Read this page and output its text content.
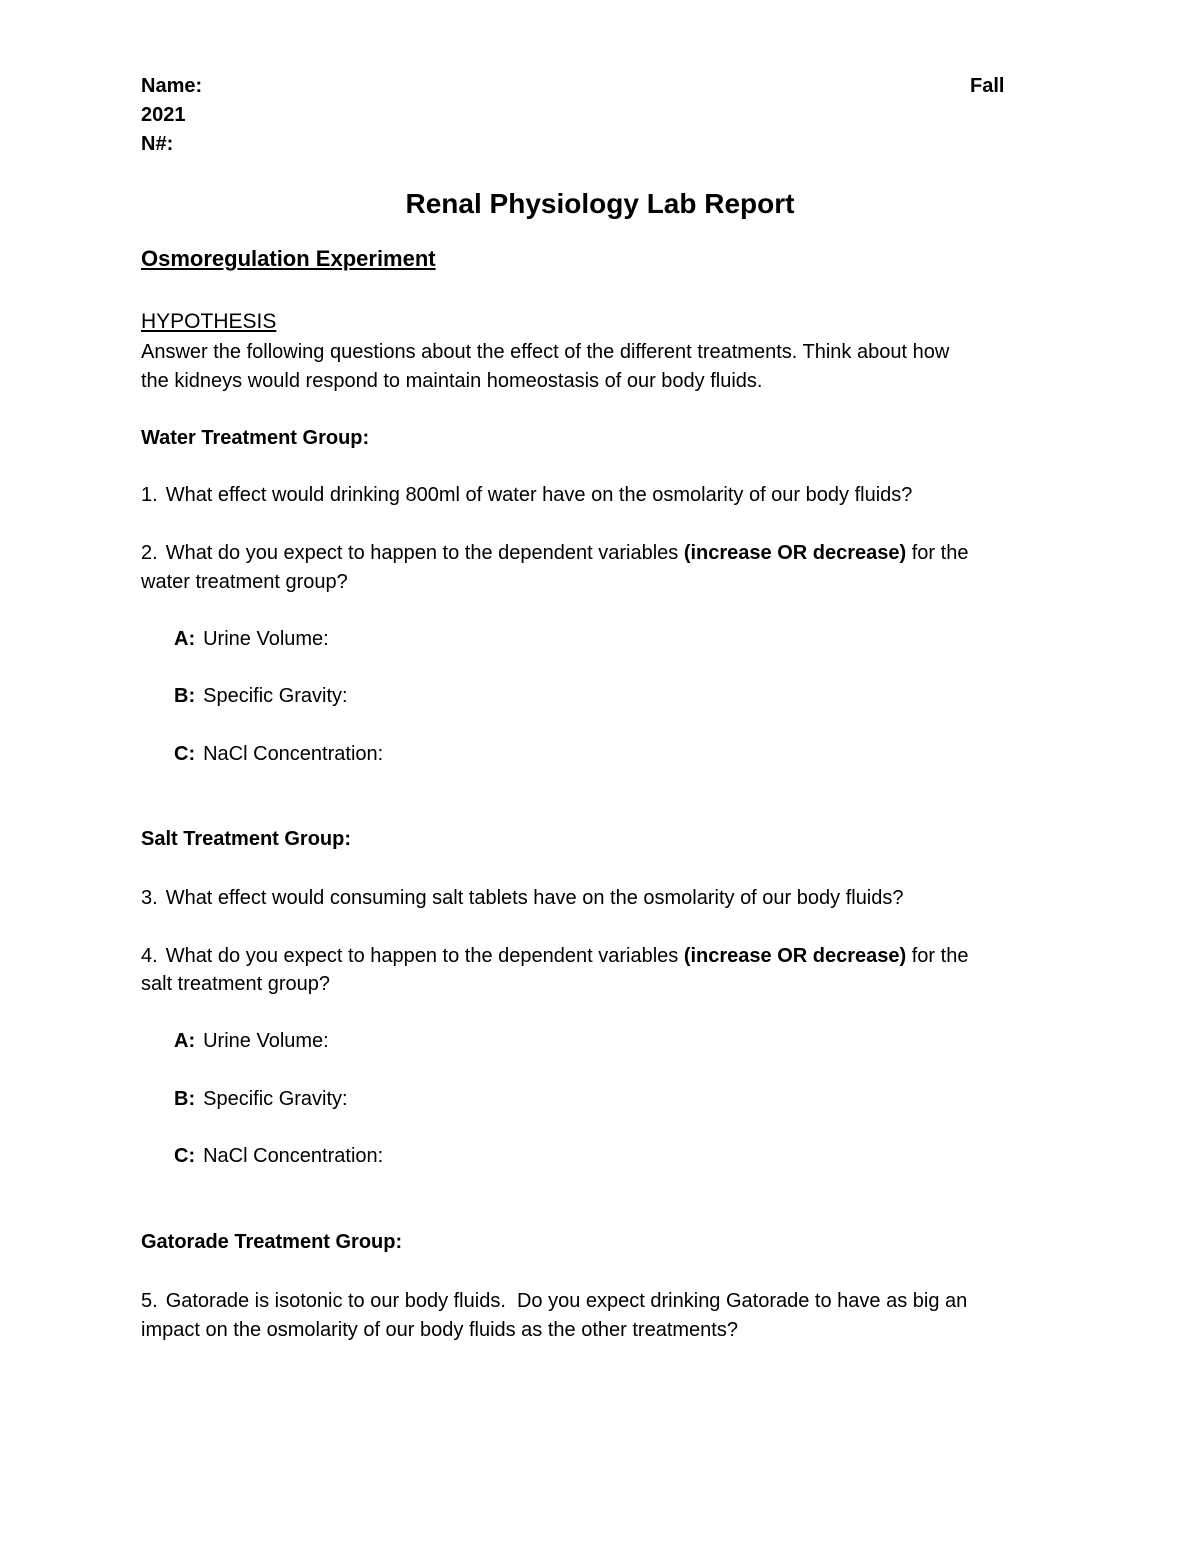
Name:	Fall
2021
N#:
Renal Physiology Lab Report
Osmoregulation Experiment
HYPOTHESIS
Answer the following questions about the effect of the different treatments. Think about how
the kidneys would respond to maintain homeostasis of our body fluids.
Water Treatment Group:
1. What effect would drinking 800ml of water have on the osmolarity of our body fluids?
2. What do you expect to happen to the dependent variables (increase OR decrease) for the
water treatment group?
A: Urine Volume:
B: Specific Gravity:
C: NaCl Concentration:
Salt Treatment Group:
3. What effect would consuming salt tablets have on the osmolarity of our body fluids?
4. What do you expect to happen to the dependent variables (increase OR decrease) for the
salt treatment group?
A: Urine Volume:
B: Specific Gravity:
C: NaCl Concentration:
Gatorade Treatment Group:
5. Gatorade is isotonic to our body fluids.  Do you expect drinking Gatorade to have as big an
impact on the osmolarity of our body fluids as the other treatments?
